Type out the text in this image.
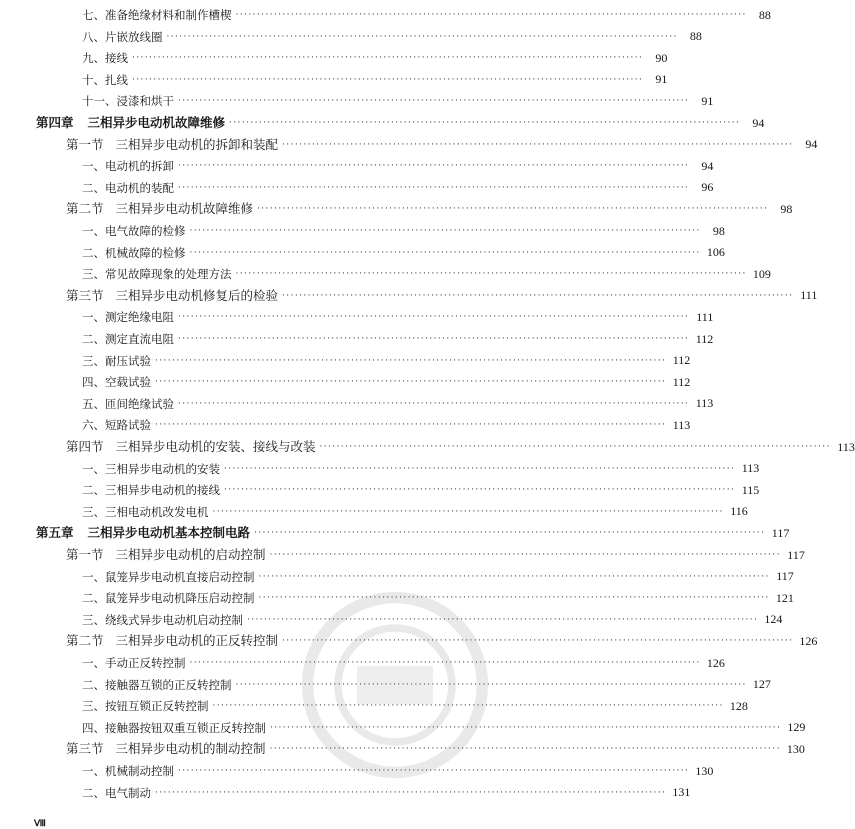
七、准备绝缘材料和制作槽楔 ························································································································	88
八、片嵌放线圈 ························································································································	88
九、接线 ························································································································	90
十、扎线 ························································································································	91
十一、浸漆和烘干 ························································································································	91
第四章 三相异步电动机故障维修 ························································································································	94
第一节 三相异步电动机的拆卸和装配 ························································································································	94
一、电动机的拆卸 ························································································································	94
二、电动机的装配 ························································································································	96
第二节 三相异步电动机故障维修 ························································································································	98
一、电气故障的检修 ························································································································	98
二、机械故障的检修 ························································································································ 106
三、常见故障现象的处理方法 ························································································································ 109
第三节 三相异步电动机修复后的检验 ························································································································ 111
一、测定绝缘电阻 ························································································································ 111
二、测定直流电阻 ························································································································ 112
三、耐压试验 ························································································································ 112
四、空载试验 ························································································································ 112
五、匝间绝缘试验 ························································································································ 113
六、短路试验 ························································································································ 113
第四节 三相异步电动机的安装、接线与改装 ························································································································ 113
一、三相异步电动机的安装 ························································································································ 113
二、三相异步电动机的接线 ························································································································ 115
三、三相电动机改发电机 ························································································································ 116
第五章 三相异步电动机基本控制电路 ························································································································ 117
第一节 三相异步电动机的启动控制 ························································································································ 117
一、鼠笼异步电动机直接启动控制 ························································································································ 117
二、鼠笼异步电动机降压启动控制 ························································································································ 121
三、绕线式异步电动机启动控制 ························································································································ 124
第二节 三相异步电动机的正反转控制 ························································································································ 126
一、手动正反转控制 ························································································································ 126
二、接触器互锁的正反转控制 ························································································································ 127
三、按钮互锁正反转控制 ························································································································ 128
四、接触器按钮双重互锁正反转控制 ························································································································ 129
第三节 三相异步电动机的制动控制 ························································································································ 130
一、机械制动控制 ························································································································ 130
二、电气制动 ························································································································ 131
Ⅷ
